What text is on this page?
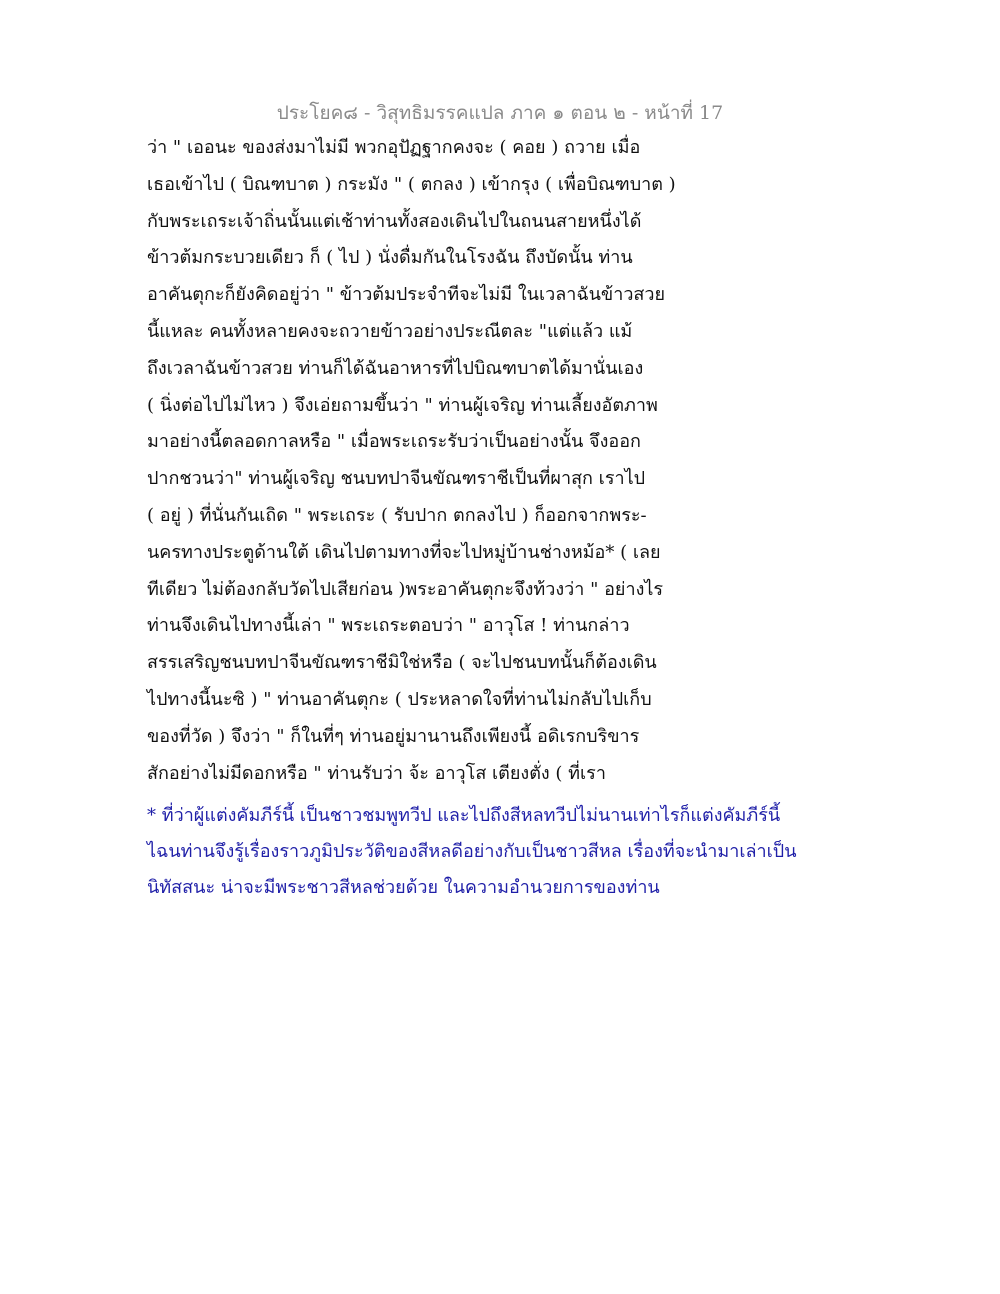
ประโยค๘ - วิสุทธิมรรคแปล ภาค ๑ ตอน ๒ - หน้าที่ 17
ว่า " เออนะ ของส่งมาไม่มี พวกอุปัฏฐากคงจะ ( คอย ) ถวาย เมื่อ
เธอเข้าไป ( บิณฑบาต ) กระมัง " ( ตกลง ) เข้ากรุง ( เพื่อบิณฑบาต )
กับพระเถระเจ้าถิ่นนั้นแต่เช้าท่านทั้งสองเดินไปในถนนสายหนึ่งได้
ข้าวต้มกระบวยเดียว ก็ ( ไป ) นั่งดื่มกันในโรงฉัน ถึงบัดนั้น ท่าน
อาคันตุกะก็ยังคิดอยู่ว่า " ข้าวต้มประจำทีจะไม่มี ในเวลาฉันข้าวสวย
นี้แหละ คนทั้งหลายคงจะถวายข้าวอย่างประณีตละ "แต่แล้ว แม้
ถึงเวลาฉันข้าวสวย ท่านก็ได้ฉันอาหารที่ไปบิณฑบาตได้มานั่นเอง
( นิ่งต่อไปไม่ไหว ) จึงเอ่ยถามขึ้นว่า " ท่านผู้เจริญ ท่านเลี้ยงอัตภาพ
มาอย่างนี้ตลอดกาลหรือ " เมื่อพระเถระรับว่าเป็นอย่างนั้น จึงออก
ปากชวนว่า" ท่านผู้เจริญ ชนบทปาจีนขัณฑราชีเป็นที่ผาสุก เราไป
( อยู่ ) ที่นั่นกันเถิด " พระเถระ ( รับปาก ตกลงไป ) ก็ออกจากพระ-
นครทางประตูด้านใต้ เดินไปตามทางที่จะไปหมู่บ้านช่างหม้อ* ( เลย
ทีเดียว ไม่ต้องกลับวัดไปเสียก่อน )พระอาคันตุกะจึงท้วงว่า " อย่างไร
ท่านจึงเดินไปทางนี้เล่า " พระเถระตอบว่า " อาวุโส ! ท่านกล่าว
สรรเสริญชนบทปาจีนขัณฑราชีมิใช่หรือ ( จะไปชนบทนั้นก็ต้องเดิน
ไปทางนี้นะซิ ) " ท่านอาคันตุกะ ( ประหลาดใจที่ท่านไม่กลับไปเก็บ
ของที่วัด ) จึงว่า " ก็ในที่ๆ ท่านอยู่มานานถึงเพียงนี้ อดิเรกบริขาร
สักอย่างไม่มีดอกหรือ " ท่านรับว่า จ้ะ อาวุโส เตียงตั่ง ( ที่เรา
* ที่ว่าผู้แต่งคัมภีร์นี้ เป็นชาวชมพูทวีป และไปถึงสีหลทวีปไม่นานเท่าไรก็แต่งคัมภีร์นี้
ไฉนท่านจึงรู้เรื่องราวภูมิประวัติของสีหลดีอย่างกับเป็นชาวสีหล เรื่องที่จะนำมาเล่าเป็น
นิทัสสนะ น่าจะมีพระชาวสีหลช่วยด้วย ในความอำนวยการของท่าน
